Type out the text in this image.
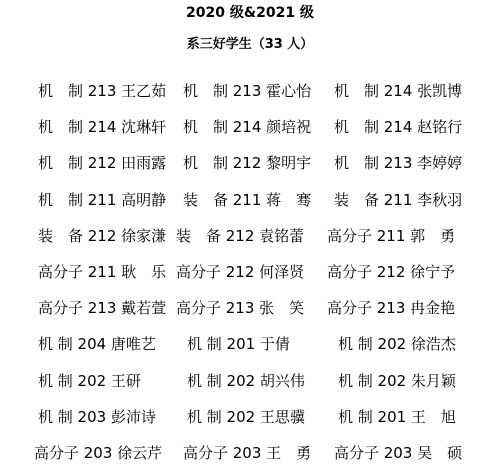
2020 级&2021 级
系三好学生（33 人）
机　制 213 王乙茹 机　制 213 霍心怡 机　制 214 张凯博
机　制 214 沈琳轩 机　制 214 颜培祝 机　制 214 赵铭行
机　制 212 田雨露 机　制 212 黎明宇 机　制 213 李婷婷
机　制 211 高明静 装　备 211 蒋　骞 装　备 211 李秋羽
装　备 212 徐家溓 装　备 212 袁铭蕾 高分子 211 郭　勇
高分子 211 耿　乐 高分子 212 何泽贤 高分子 212 徐宁予
高分子 213 戴若萱 高分子 213 张　笑 高分子 213 冉金艳
机 制 204 唐唯艺 机 制 201 于倩	机 制 202 徐浩杰
机 制 202 王研	机 制 202 胡兴伟 机 制 202 朱月颖
机 制 203 彭沛诗 机 制 202 王思骥 机 制 201 王　旭
高分子 203 徐云芹 高分子 203 王　勇 高分子 203 吴　硕
